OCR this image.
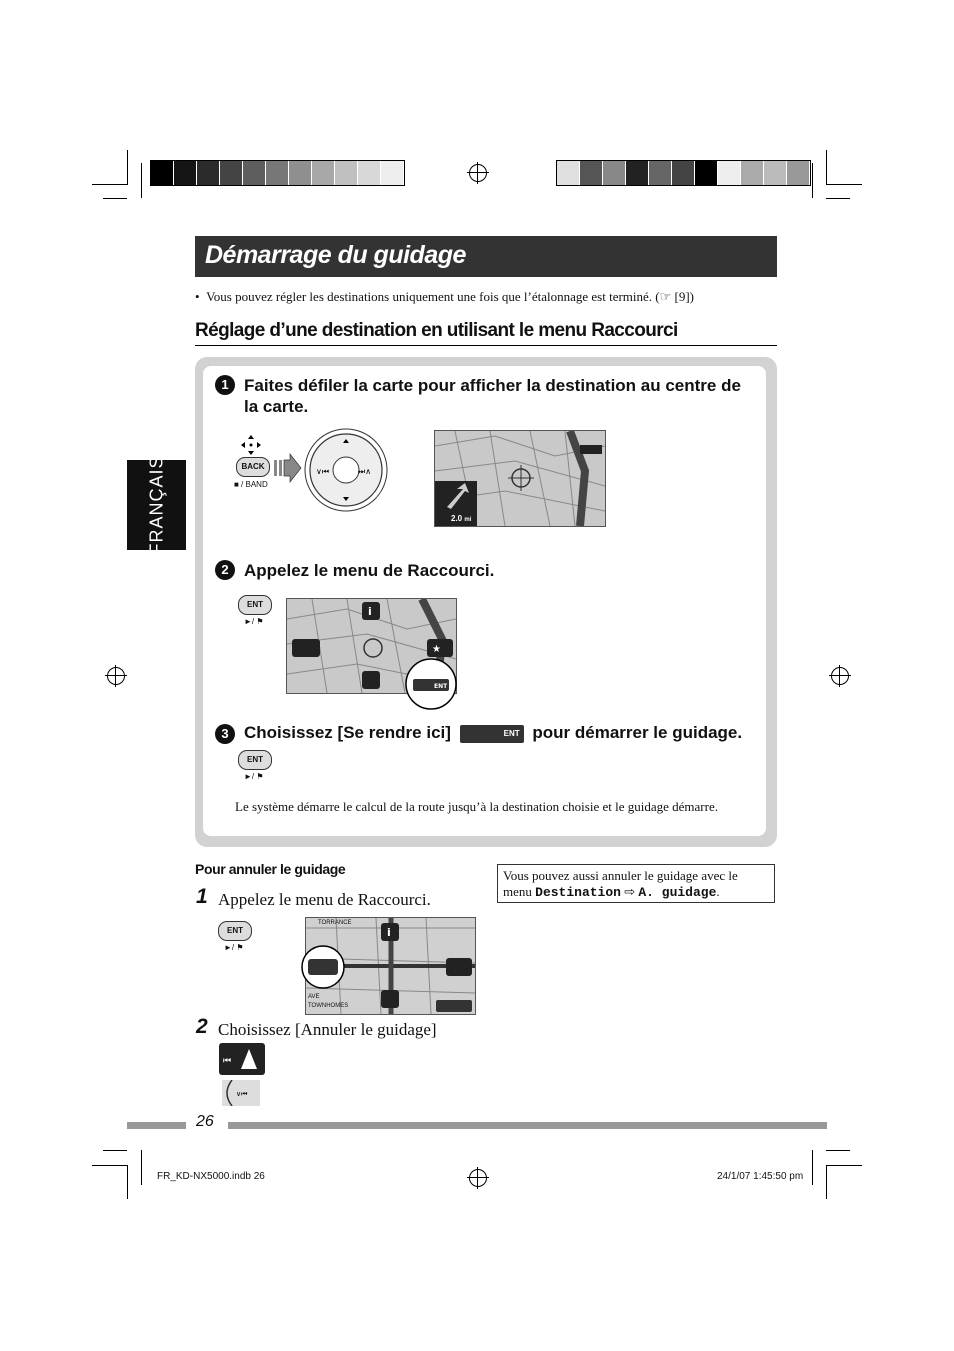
FRANÇAIS
Démarrage du guidage
• Vous pouvez régler les destinations uniquement une fois que l’étalonnage est terminé. (☞ [9])
Réglage d’une destination en utilisant le menu Raccourci
1 Faites défiler la carte pour afficher la destination au centre de la carte.
BACK
■ / BAND
∨⏮	⏭∧
2.0 mi
2 Appelez le menu de Raccourci.
ENT
►/ ⚑
i
★
ENT
3 Choisissez [Se rendre ici]	ENT pour démarrer le guidage.
ENT
►/ ⚑
Le système démarre le calcul de la route jusqu’à la destination choisie et le guidage démarre.
Pour annuler le guidage
1 Appelez le menu de Raccourci.
ENT
►/ ⚑
i
TORRANCE
TOWNHOMES
AVE
2 Choisissez [Annuler le guidage]
⏮
∨⏮
Vous pouvez aussi annuler le guidage avec le menu Destination ⇨ A. guidage.
26
FR_KD-NX5000.indb 26	24/1/07 1:45:50 pm
